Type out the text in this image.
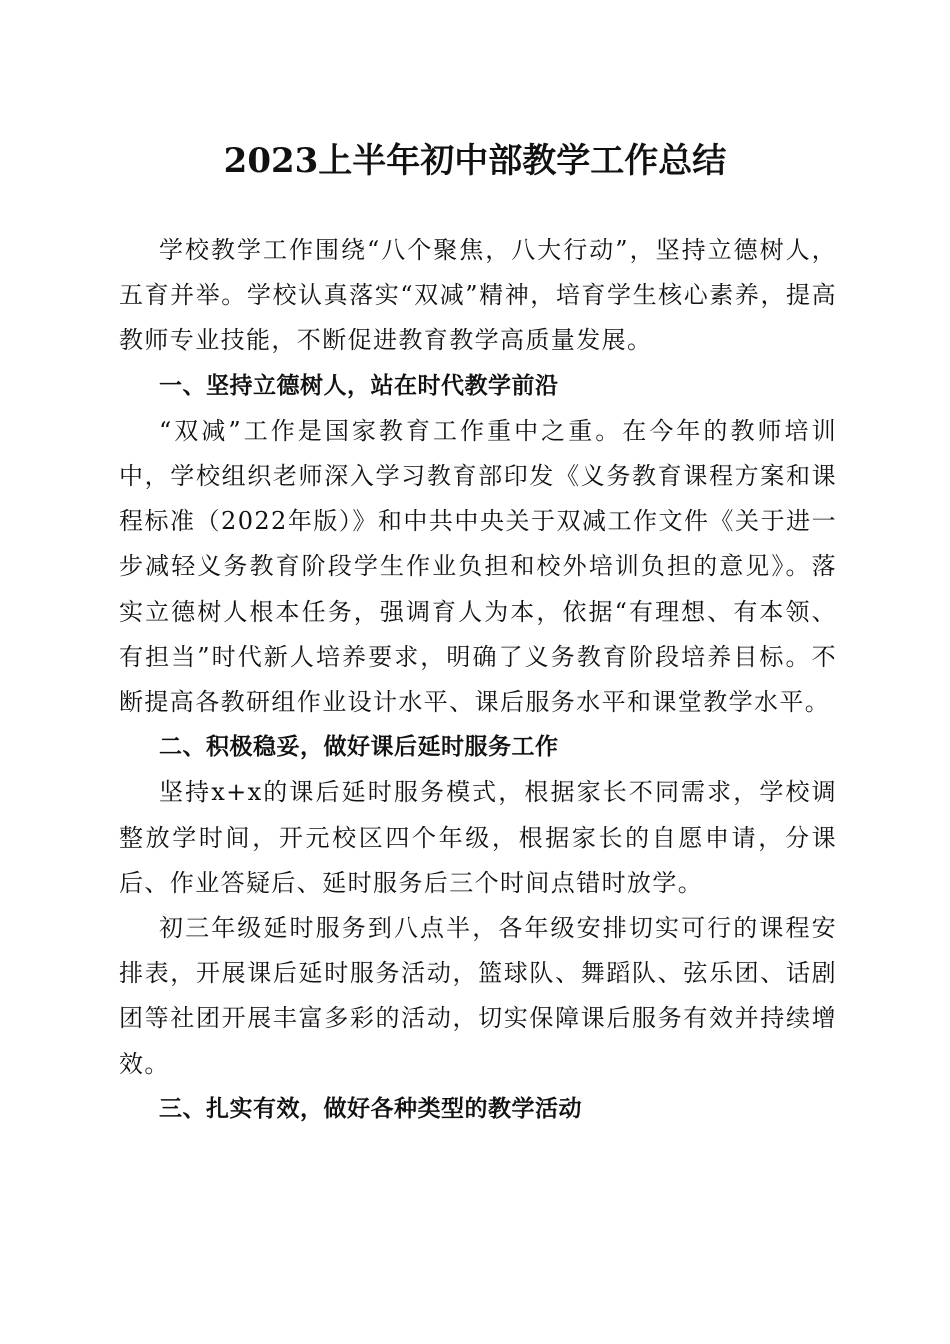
2023上半年初中部教学工作总结

学校教学工作围绕“八个聚焦，八大行动”，坚持立德树人，五育并举。学校认真落实“双减”精神，培育学生核心素养，提高教师专业技能，不断促进教育教学高质量发展。

一、坚持立德树人，站在时代教学前沿

“双减”工作是国家教育工作重中之重。在今年的教师培训中，学校组织老师深入学习教育部印发《义务教育课程方案和课程标准（2022年版）》和中共中央关于双减工作文件《关于进一步减轻义务教育阶段学生作业负担和校外培训负担的意见》。落实立德树人根本任务，强调育人为本，依据“有理想、有本领、有担当”时代新人培养要求，明确了义务教育阶段培养目标。不断提高各教研组作业设计水平、课后服务水平和课堂教学水平。

二、积极稳妥，做好课后延时服务工作

坚持x+x的课后延时服务模式，根据家长不同需求，学校调整放学时间，开元校区四个年级，根据家长的自愿申请，分课后、作业答疑后、延时服务后三个时间点错时放学。

初三年级延时服务到八点半，各年级安排切实可行的课程安排表，开展课后延时服务活动，篮球队、舞蹈队、弦乐团、话剧团等社团开展丰富多彩的活动，切实保障课后服务有效并持续增效。

三、扎实有效，做好各种类型的教学活动
